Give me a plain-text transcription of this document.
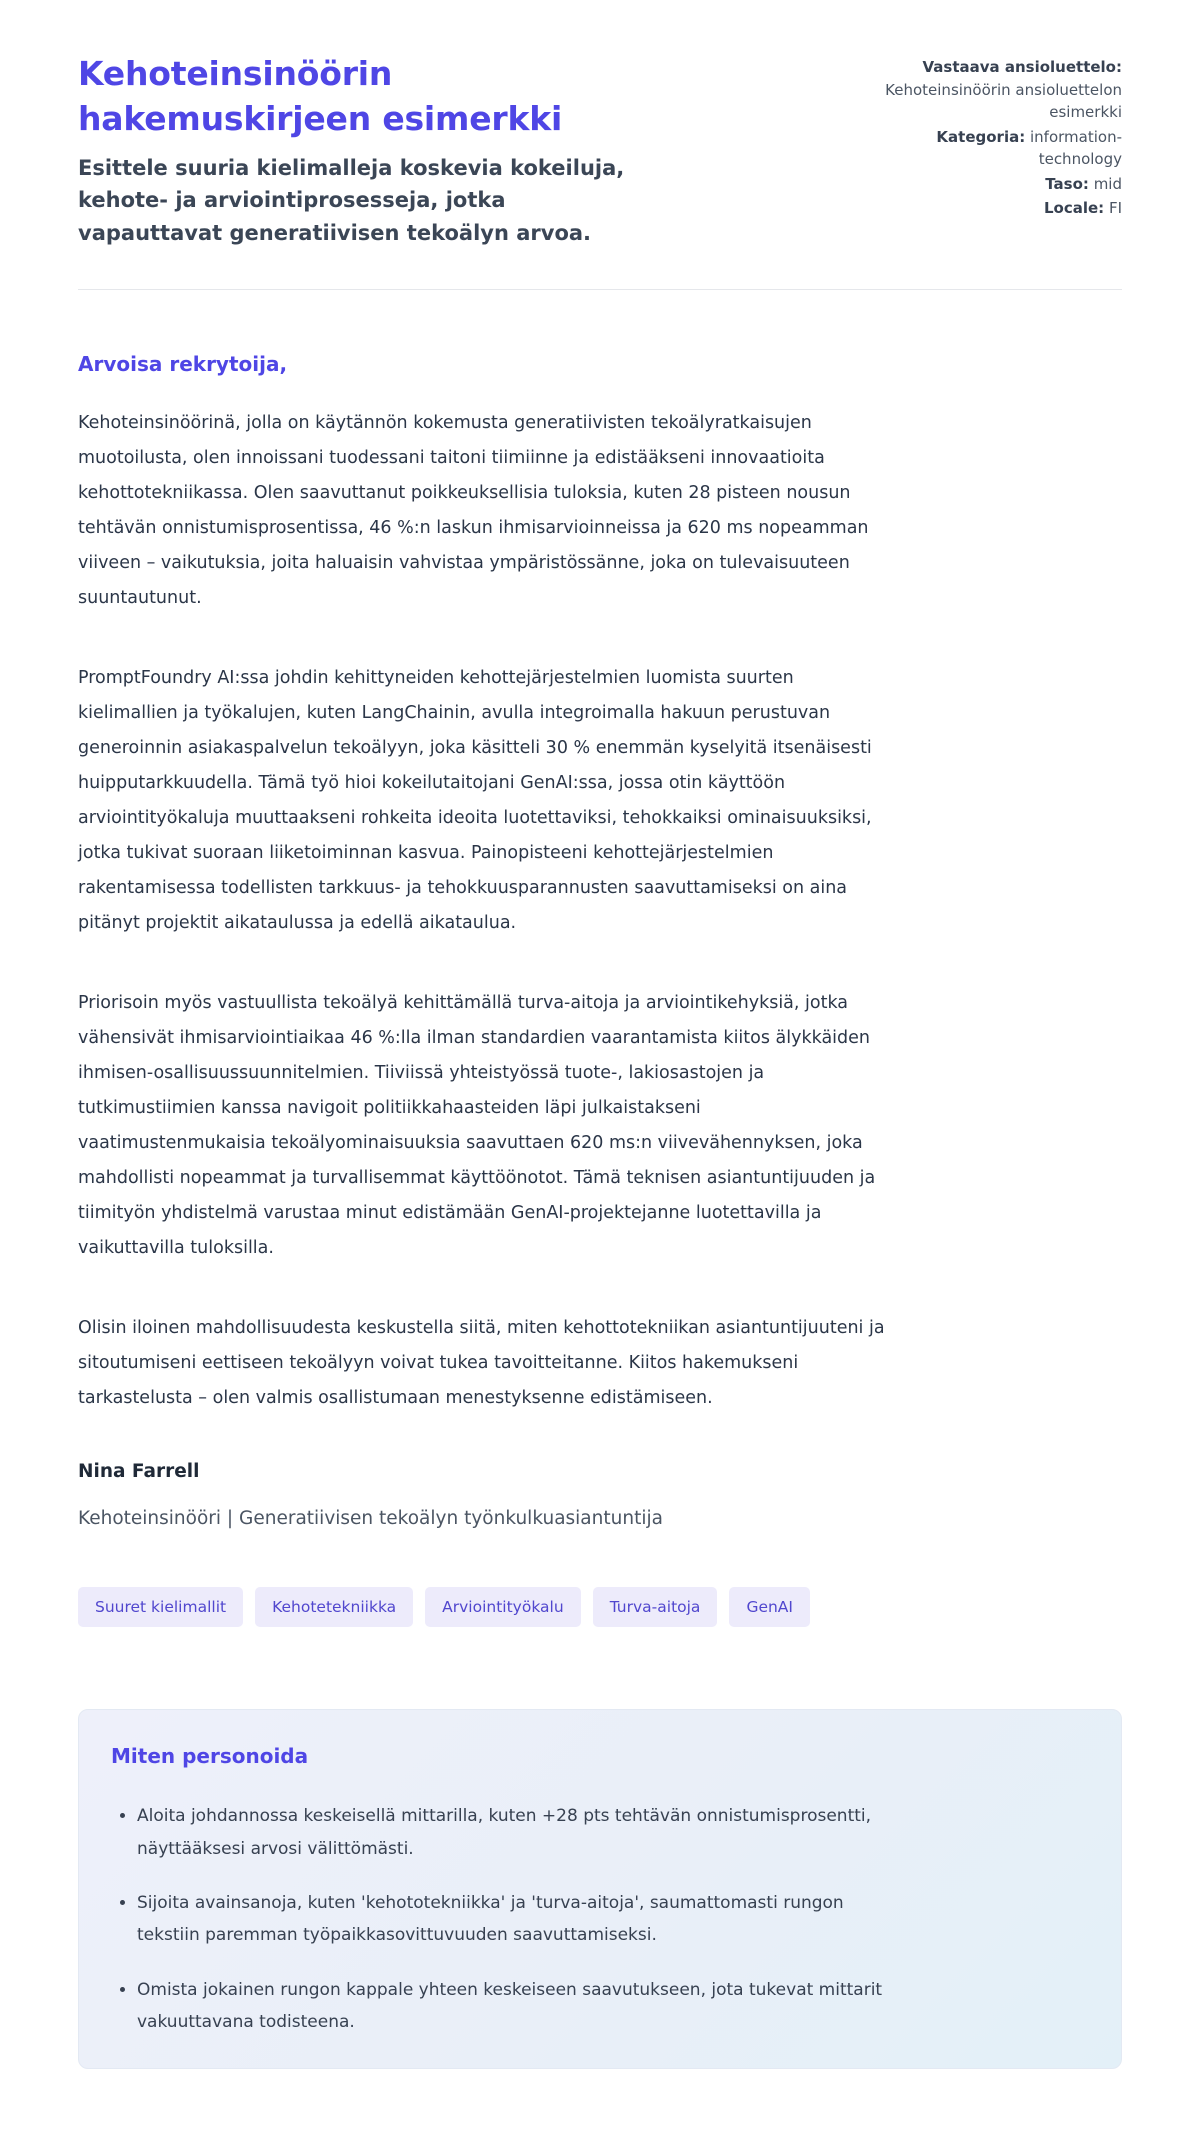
Kehoteinsinöörin hakemuskirjeen esimerkki
Esittele suuria kielimalleja koskevia kokeiluja, kehote- ja arviointiprosesseja, jotka vapauttavat generatiivisen tekoälyn arvoa.
Vastaava ansioluettelo: Kehoteinsinöörin ansioluettelon esimerkki
Kategoria: information-technology
Taso: mid
Locale: FI
Arvoisa rekrytoija,

Kehoteinsinöörinä, jolla on käytännön kokemusta generatiivisten tekoälyratkaisujen muotoilusta, olen innoissani tuodessani taitoni tiimiinne ja edistääkseni innovaatioita kehottotekniikassa. Olen saavuttanut poikkeuksellisia tuloksia, kuten 28 pisteen nousun tehtävän onnistumisprosentissa, 46 %:n laskun ihmisarvioinneissa ja 620 ms nopeamman viiveen – vaikutuksia, joita haluaisin vahvistaa ympäristössänne, joka on tulevaisuuteen suuntautunut.

PromptFoundry AI:ssa johdin kehittyneiden kehottejärjestelmien luomista suurten kielimallien ja työkalujen, kuten LangChainin, avulla integroimalla hakuun perustuvan generoinnin asiakaspalvelun tekoälyyn, joka käsitteli 30 % enemmän kyselyitä itsenäisesti huipputarkkuudella. Tämä työ hioi kokeilutaitojani GenAI:ssa, jossa otin käyttöön arviointityökaluja muuttaakseni rohkeita ideoita luotettaviksi, tehokkaiksi ominaisuuksiksi, jotka tukivat suoraan liiketoiminnan kasvua. Painopisteeni kehottejärjestelmien rakentamisessa todellisten tarkkuus- ja tehokkuusparannusten saavuttamiseksi on aina pitänyt projektit aikataulussa ja edellä aikataulua.

Priorisoin myös vastuullista tekoälyä kehittämällä turva-aitoja ja arviointikehyksiä, jotka vähensivät ihmisarviointiaikaa 46 %:lla ilman standardien vaarantamista kiitos älykkäiden ihmisen-osallisuussuunnitelmien. Tiiviissä yhteistyössä tuote-, lakiosastojen ja tutkimustiimien kanssa navigoit politiikkahaasteiden läpi julkaistakseni vaatimustenmukaisia tekoälyominaisuuksia saavuttaen 620 ms:n viivevähennyksen, joka mahdollisti nopeammat ja turvallisemmat käyttöönotot. Tämä teknisen asiantuntijuuden ja tiimityön yhdistelmä varustaa minut edistämään GenAI-projektejanne luotettavilla ja vaikuttavilla tuloksilla.

Olisin iloinen mahdollisuudesta keskustella siitä, miten kehottotekniikan asiantuntijuuteni ja sitoutumiseni eettiseen tekoälyyn voivat tukea tavoitteitanne. Kiitos hakemukseni tarkastelusta – olen valmis osallistumaan menestyksenne edistämiseen.

Nina Farrell
Kehoteinsinööri | Generatiivisen tekoälyn työnkulkuasiantuntija
Suuret kielimallit	Kehotetekniikka	Arviointityökalu	Turva-aitoja	GenAI
Miten personoida
• Aloita johdannossa keskeisellä mittarilla, kuten +28 pts tehtävän onnistumisprosentti, näyttääksesi arvosi välittömästi.
• Sijoita avainsanoja, kuten 'kehototekniikka' ja 'turva-aitoja', saumattomasti rungon tekstiin paremman työpaikkasovittuvuuden saavuttamiseksi.
• Omista jokainen rungon kappale yhteen keskeiseen saavutukseen, jota tukevat mittarit vakuuttavana todisteena.
